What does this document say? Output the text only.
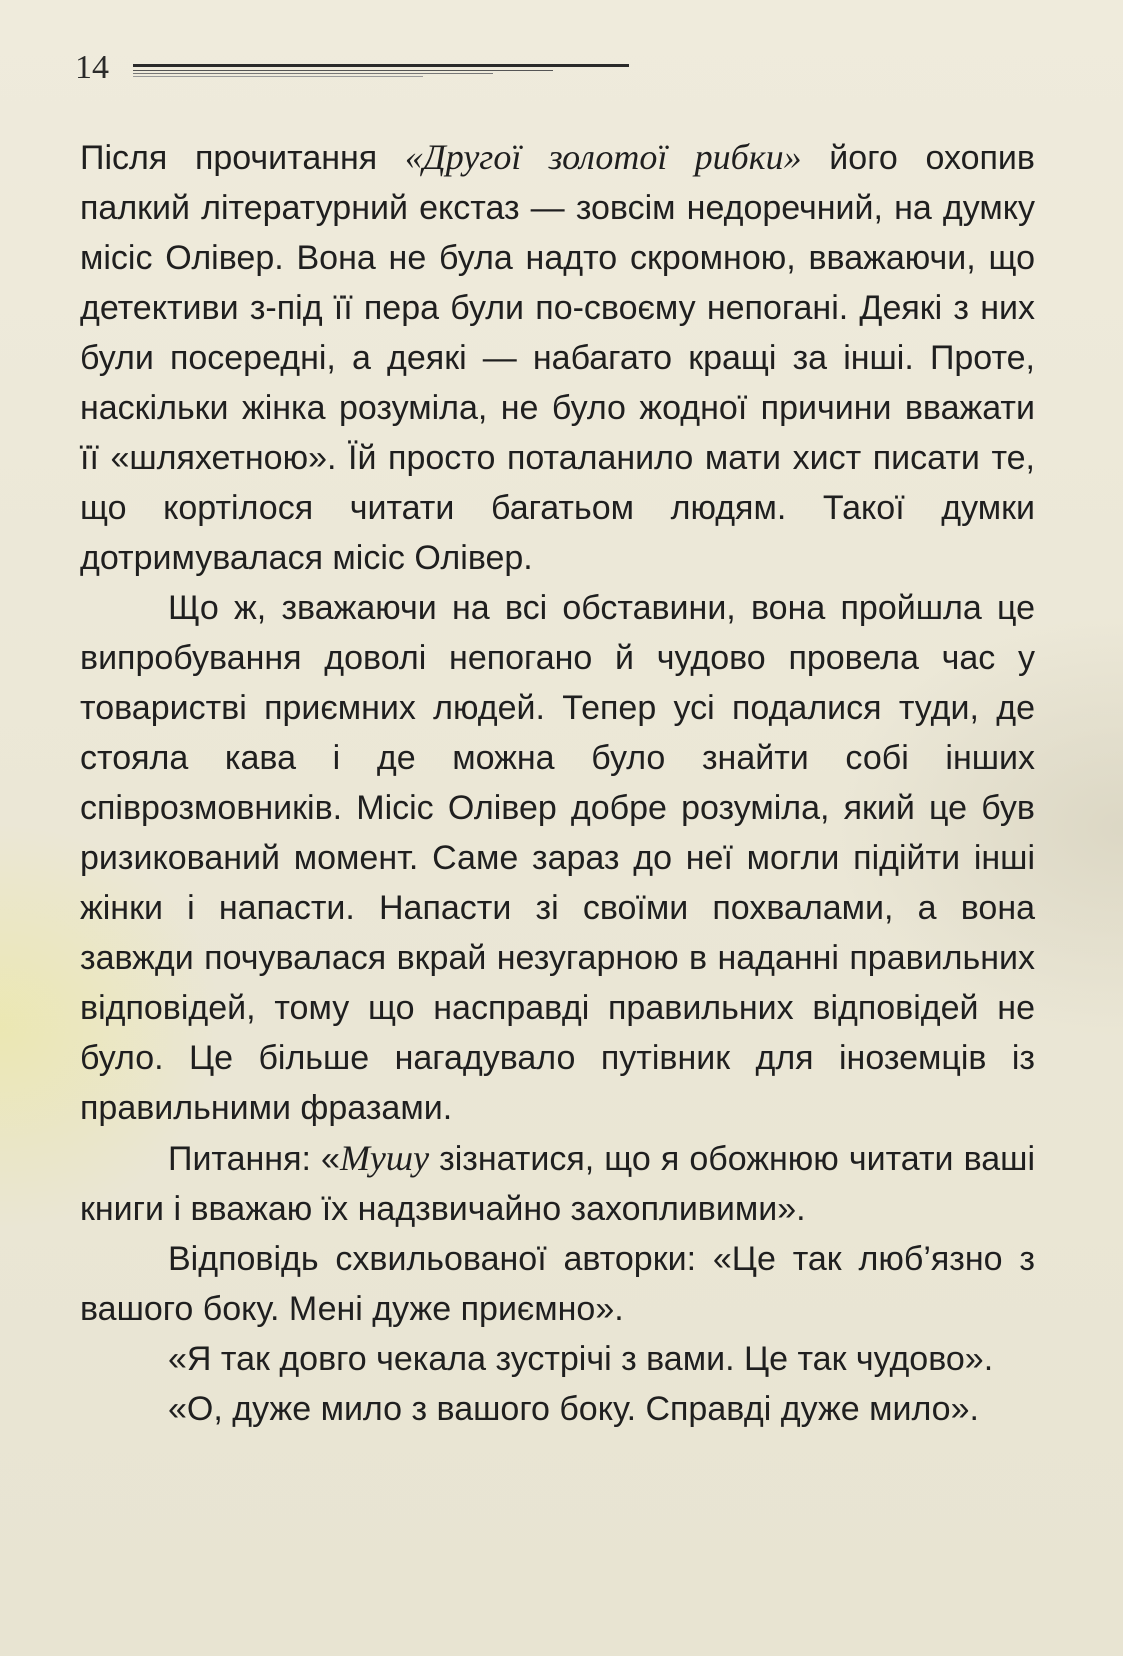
14

Після прочитання «Другої золотої рибки» його охопив палкий літературний екстаз — зовсім недоречний, на думку місіс Олівер. Вона не була надто скромною, вважаючи, що детективи з-під її пера були по-своєму непогані. Деякі з них були посередні, а деякі — набагато кращі за інші. Проте, наскільки жінка розуміла, не було жодної причини вважати її «шляхетною». Їй просто поталанило мати хист писати те, що кортілося читати багатьом людям. Такої думки дотримувалася місіс Олівер.

Що ж, зважаючи на всі обставини, вона пройшла це випробування доволі непогано й чудово провела час у товаристві приємних людей. Тепер усі подалися туди, де стояла кава і де можна було знайти собі інших співрозмовників. Місіс Олівер добре розуміла, який це був ризикований момент. Саме зараз до неї могли підійти інші жінки і напасти. Напасти зі своїми похвалами, а вона завжди почувалася вкрай незугарною в наданні правильних відповідей, тому що насправді правильних відповідей не було. Це більше нагадувало путівник для іноземців із правильними фразами.

Питання: «Мушу зізнатися, що я обожнюю читати ваші книги і вважаю їх надзвичайно захопливими».

Відповідь схвильованої авторки: «Це так люб’язно з вашого боку. Мені дуже приємно».

«Я так довго чекала зустрічі з вами. Це так чудово».

«О, дуже мило з вашого боку. Справді дуже мило».
